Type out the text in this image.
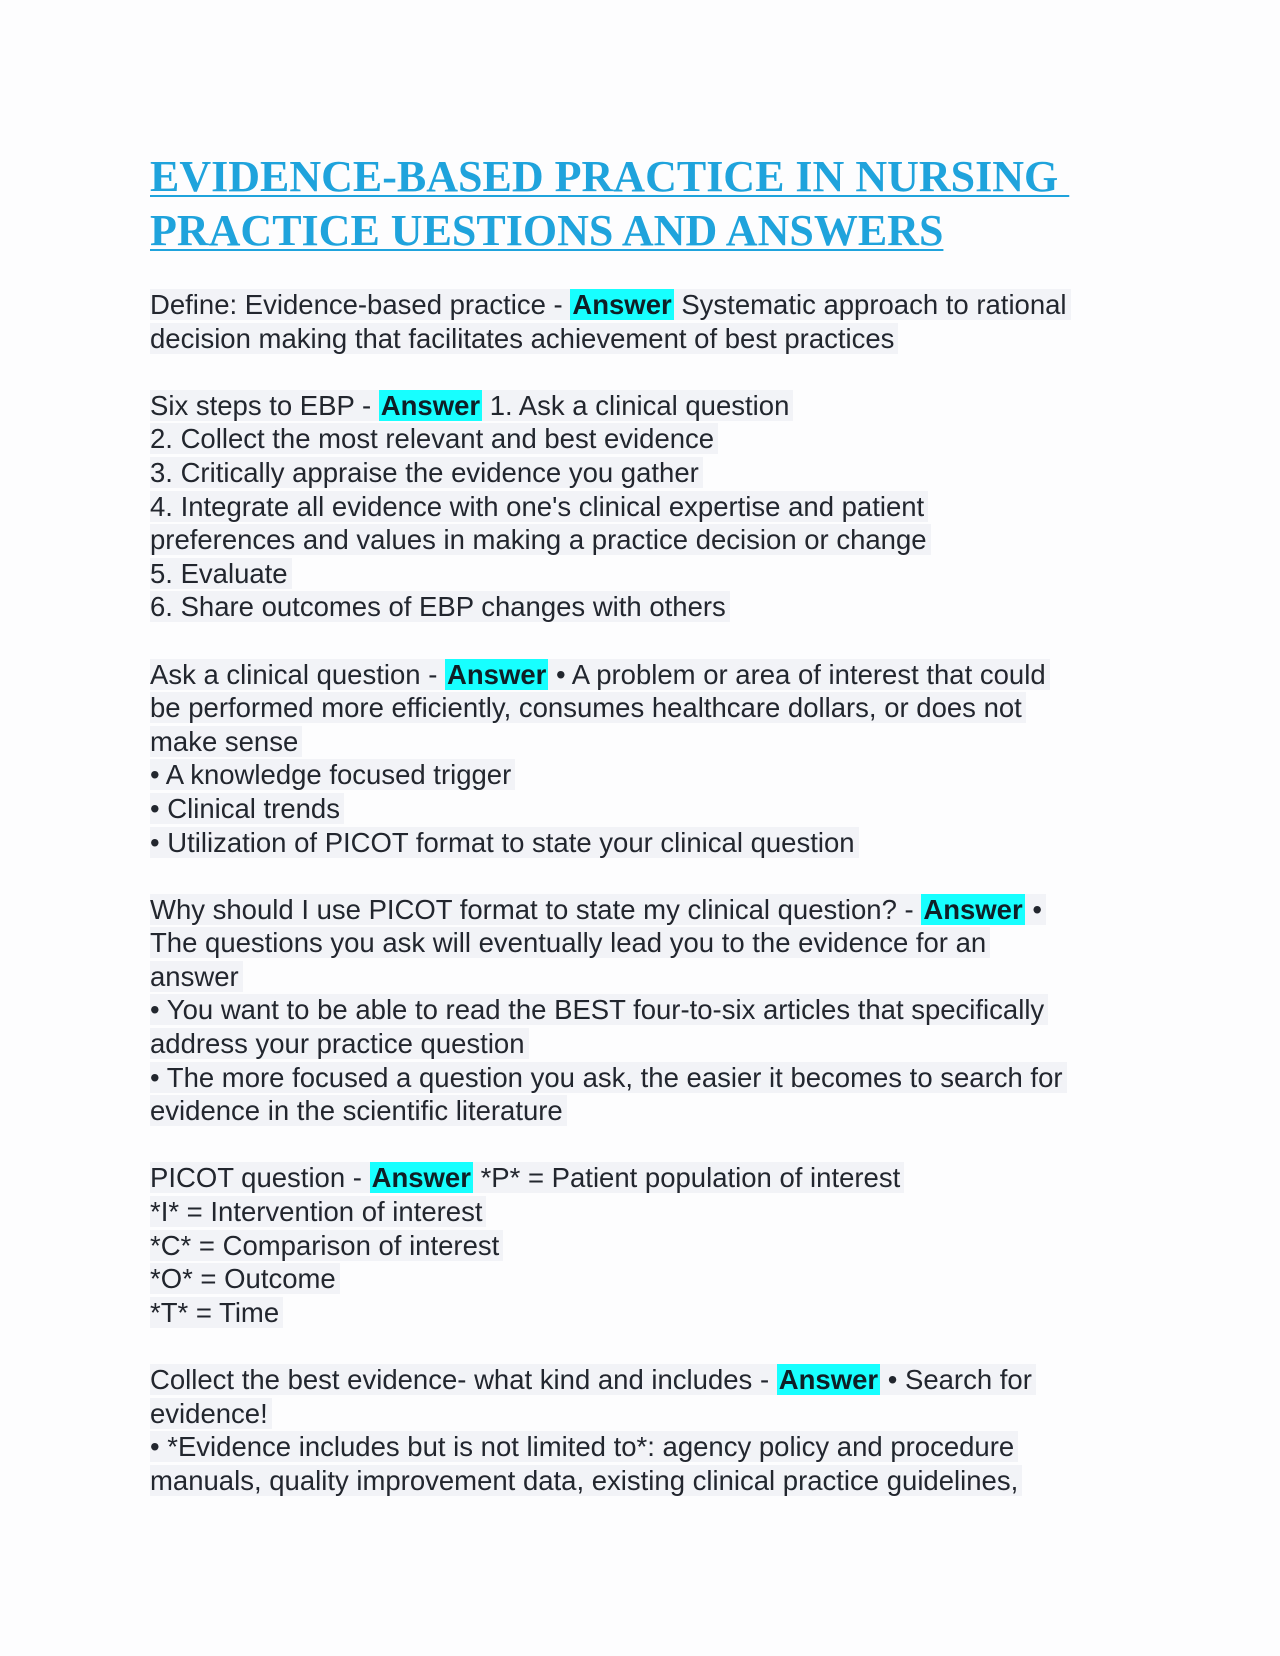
EVIDENCE-BASED PRACTICE IN NURSING
PRACTICE UESTIONS AND ANSWERS
Define: Evidence-based practice - Answer Systematic approach to rational
decision making that facilitates achievement of best practices
Six steps to EBP - Answer 1. Ask a clinical question
2. Collect the most relevant and best evidence
3. Critically appraise the evidence you gather
4. Integrate all evidence with one's clinical expertise and patient
preferences and values in making a practice decision or change
5. Evaluate
6. Share outcomes of EBP changes with others
Ask a clinical question - Answer • A problem or area of interest that could
be performed more efficiently, consumes healthcare dollars, or does not
make sense
• A knowledge focused trigger
• Clinical trends
• Utilization of PICOT format to state your clinical question
Why should I use PICOT format to state my clinical question? - Answer •
The questions you ask will eventually lead you to the evidence for an
answer
• You want to be able to read the BEST four-to-six articles that specifically
address your practice question
• The more focused a question you ask, the easier it becomes to search for
evidence in the scientific literature
PICOT question - Answer *P* = Patient population of interest
*I* = Intervention of interest
*C* = Comparison of interest
*O* = Outcome
*T* = Time
Collect the best evidence- what kind and includes - Answer • Search for
evidence!
• *Evidence includes but is not limited to*: agency policy and procedure
manuals, quality improvement data, existing clinical practice guidelines,
